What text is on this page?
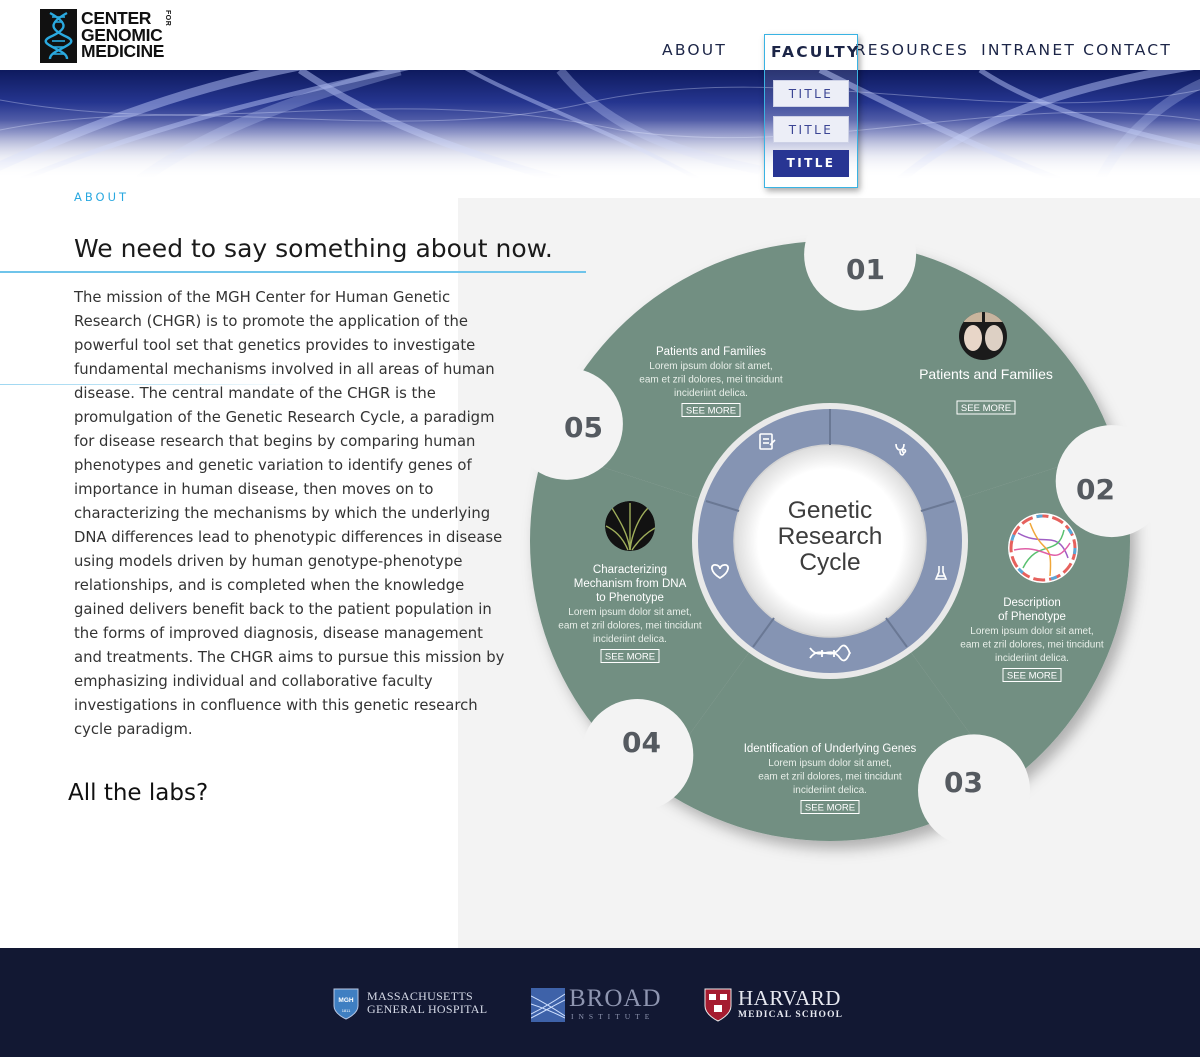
CENTER
GENOMIC
MEDICINE
FOR
ABOUT	RESOURCES INTRANET CONTACT
FACULTY
TITLE
TITLE
TITLE
ABOUT
We need to say something about now.

The mission of the MGH Center for Human Genetic Research (CHGR) is to promote the application of the powerful tool set that genetics provides to investigate fundamental mechanisms involved in all areas of human disease. The central mandate of the CHGR is the promulgation of the Genetic Research Cycle, a paradigm for disease research that begins by comparing human phenotypes and genetic variation to identify genes of importance in human disease, then moves on to characterizing the mechanisms by which the underlying DNA differences lead to phenotypic differences in disease using models driven by human genotype-phenotype relationships, and is completed when the knowledge gained delivers benefit back to the patient population in the forms of improved diagnosis, disease management and treatments. The CHGR aims to pursue this mission by emphasizing individual and collaborative faculty investigations in confluence with this genetic research cycle paradigm.

All the labs?
Genetic
Research
Cycle
01
02
03
04
05
Patients and Families
SEE MORE
Description
of Phenotype
Lorem ipsum dolor sit amet,
eam et zril dolores, mei tincidunt
incideriint delica.
SEE MORE
Identification of Underlying Genes
Lorem ipsum dolor sit amet,
eam et zril dolores, mei tincidunt
incideriint delica.
SEE MORE
Characterizing
Mechanism from DNA
to Phenotype
Lorem ipsum dolor sit amet,
eam et zril dolores, mei tincidunt
incideriint delica.
SEE MORE
Patients and Families
Lorem ipsum dolor sit amet,
eam et zril dolores, mei tincidunt
incideriint delica.
SEE MORE
MGH
1811
MASSACHUSETTS
GENERAL HOSPITAL	BROAD
INSTITUTE
HARVARD
MEDICAL SCHOOL
